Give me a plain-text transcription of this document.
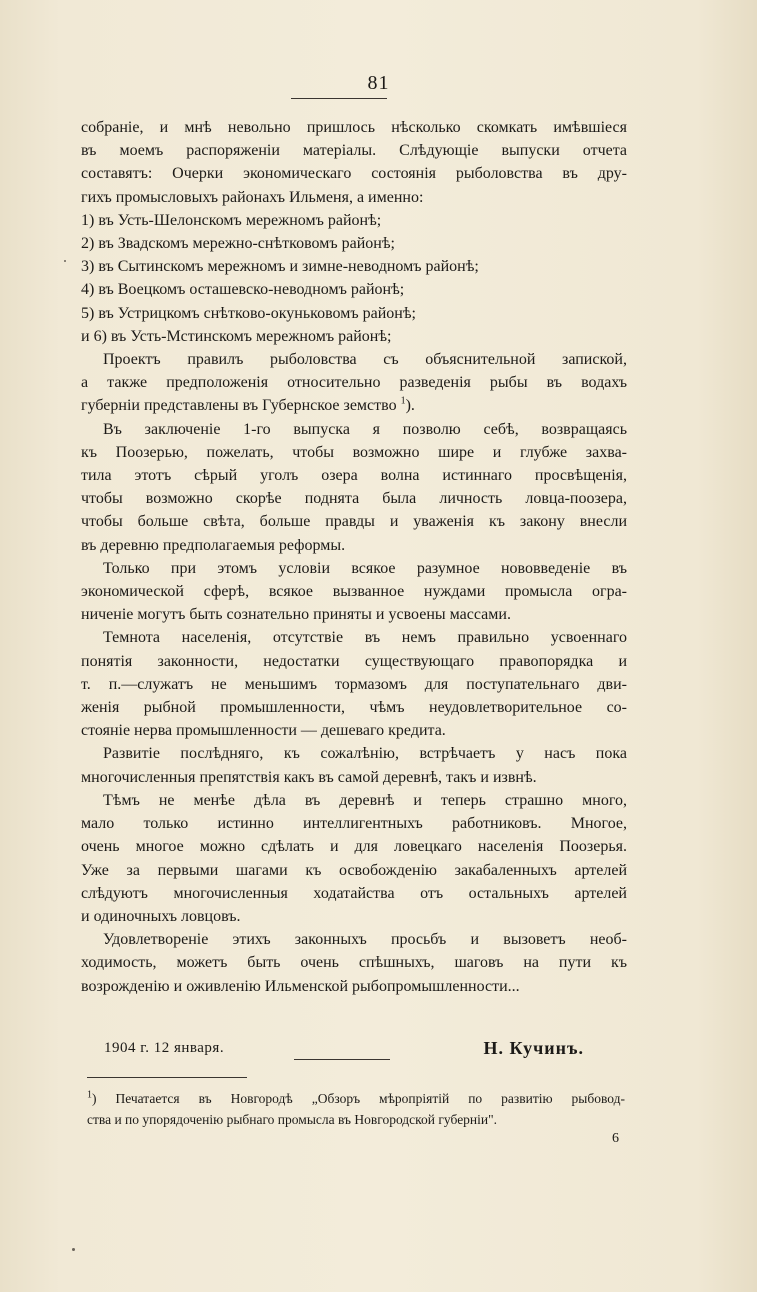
81
собраніе, и мнѣ невольно пришлось нѣсколько скомкать имѣвшіеся
въ моемъ распоряженіи матеріалы. Слѣдующіе выпуски отчета
составятъ: Очерки экономическаго состоянія рыболовства въ дру-
гихъ промысловыхъ районахъ Ильменя, а именно:
1) въ Усть-Шелонскомъ мережномъ районѣ;
2) въ Звадскомъ мережно-снѣтковомъ районѣ;
3) въ Сытинскомъ мережномъ и зимне-неводномъ районѣ;
4) въ Воецкомъ осташевско-неводномъ районѣ;
5) въ Устрицкомъ снѣтково-окуньковомъ районѣ;
и 6) въ Усть-Мстинскомъ мережномъ районѣ;
Проектъ правилъ рыболовства съ объяснительной запиской,
а также предположенія относительно разведенія рыбы въ водахъ
губерніи представлены въ Губернское земство $^1$).
Въ заключеніе 1-го выпуска я позволю себѣ, возвращаясь
къ Поозерью, пожелать, чтобы возможно шире и глубже захва-
тила этотъ сѣрый уголъ озера волна истиннаго просвѣщенія,
чтобы возможно скорѣе поднята была личность ловца-поозера,
чтобы больше свѣта, больше правды и уваженія къ закону внесли
въ деревню предполагаемыя реформы.
Только при этомъ условіи всякое разумное нововведеніе въ
экономической сферѣ, всякое вызванное нуждами промысла огра-
ниченіе могутъ быть сознательно приняты и усвоены массами.
Темнота населенія, отсутствіе въ немъ правильно усвоеннаго
понятія законности, недостатки существующаго правопорядка и
т. п.—служатъ не меньшимъ тормазомъ для поступательнаго дви-
женія рыбной промышленности, чѣмъ неудовлетворительное со-
стояніе нерва промышленности — дешеваго кредита.
Развитіе послѣдняго, къ сожалѣнію, встрѣчаетъ у насъ пока
многочисленныя препятствія какъ въ самой деревнѣ, такъ и извнѣ.
Тѣмъ не менѣе дѣла въ деревнѣ и теперь страшно много,
мало только истинно интеллигентныхъ работниковъ. Многое,
очень многое можно сдѣлать и для ловецкаго населенія Поозерья.
Уже за первыми шагами къ освобожденію закабаленныхъ артелей
слѣдуютъ многочисленныя ходатайства отъ остальныхъ артелей
и одиночныхъ ловцовъ.
Удовлетвореніе этихъ законныхъ просьбъ и вызоветъ необ-
ходимость, можетъ быть очень спѣшныхъ, шаговъ на пути къ
возрожденію и оживленію Ильменской рыбопромышленности...
1904 г. 12 января.	Н. Кучинъ.
$^1$) Печатается въ Новгородѣ „Обзоръ мѣропріятій по развитію рыбовод-
ства и по упорядоченію рыбнаго промысла въ Новгородской губерніи".
6
